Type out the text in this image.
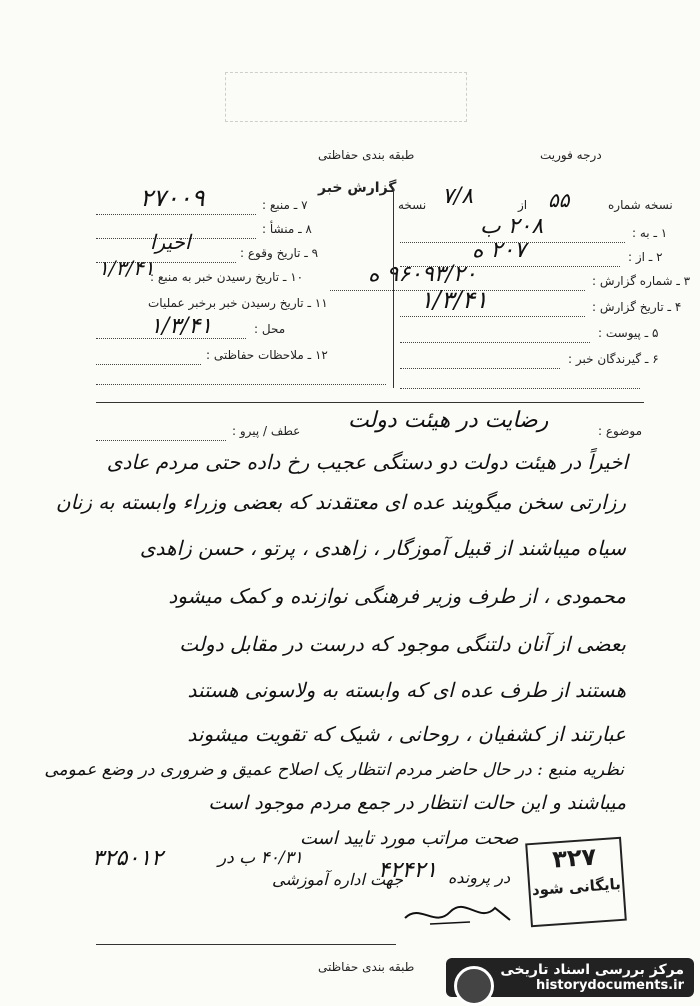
طبقه بندی حفاظتی	درجه فوریت
گزارش خبر
نسخه شماره
۵۵
از
۷/۸
نسخه
۱ ـ به :
۲۰۸ ب
۲ ـ از :
۲۰۷ ه
۳ ـ شماره گزارش :
۹۶۰۹۳/۲۰ ه
۴ ـ تاریخ گزارش :
۱/۳/۴۱
۵ ـ پیوست :
۶ ـ گیرندگان خبر :
۷ ـ منبع :
۲۷۰۰۹
۸ ـ منشأ :
۹ ـ تاریخ وقوع :
اخیرا
۱۰ ـ تاریخ رسیدن خبر به منبع :
۱/۳/۴۱
۱۱ ـ تاریخ رسیدن خبر برخبر عملیات
محل :
۱/۳/۴۱
۱۲ ـ ملاحظات حفاظتی :
موضوع :
رضایت در هیئت دولت
عطف / پیرو :
اخیراً در هیئت دولت دو دستگی عجیب رخ داده حتی مردم عادی
رزارتی سخن میگویند عده ای معتقدند که بعضی وزراء وابسته به زنان
سیاه میباشند از قبیل آموزگار ، زاهدی ، پرتو ، حسن زاهدی
محمودی ، از طرف وزیر فرهنگی نوازنده و کمک میشود
بعضی از آنان دلتنگی موجود که درست در مقابل دولت
هستند از طرف عده ای که وابسته به ولاسونی هستند
عبارتند از کشفیان ، روحانی ، شیک که تقویت میشوند
نظریه منبع : در حال حاضر مردم انتظار یک اصلاح عمیق و ضروری در وضع عمومی
میباشند و این حالت انتظار در جمع مردم موجود است
صحت مراتب مورد تایید است
۳۲۵۰۱۲	۴۰/۳۱ ب در
در پرونده
۴۲۴۲۱
جهت اداره آموزشی
۳۲۷
بایگانی شود
طبقه بندی حفاظتی	مرکز بررسی اسناد تاریخی
historydocuments.ir
